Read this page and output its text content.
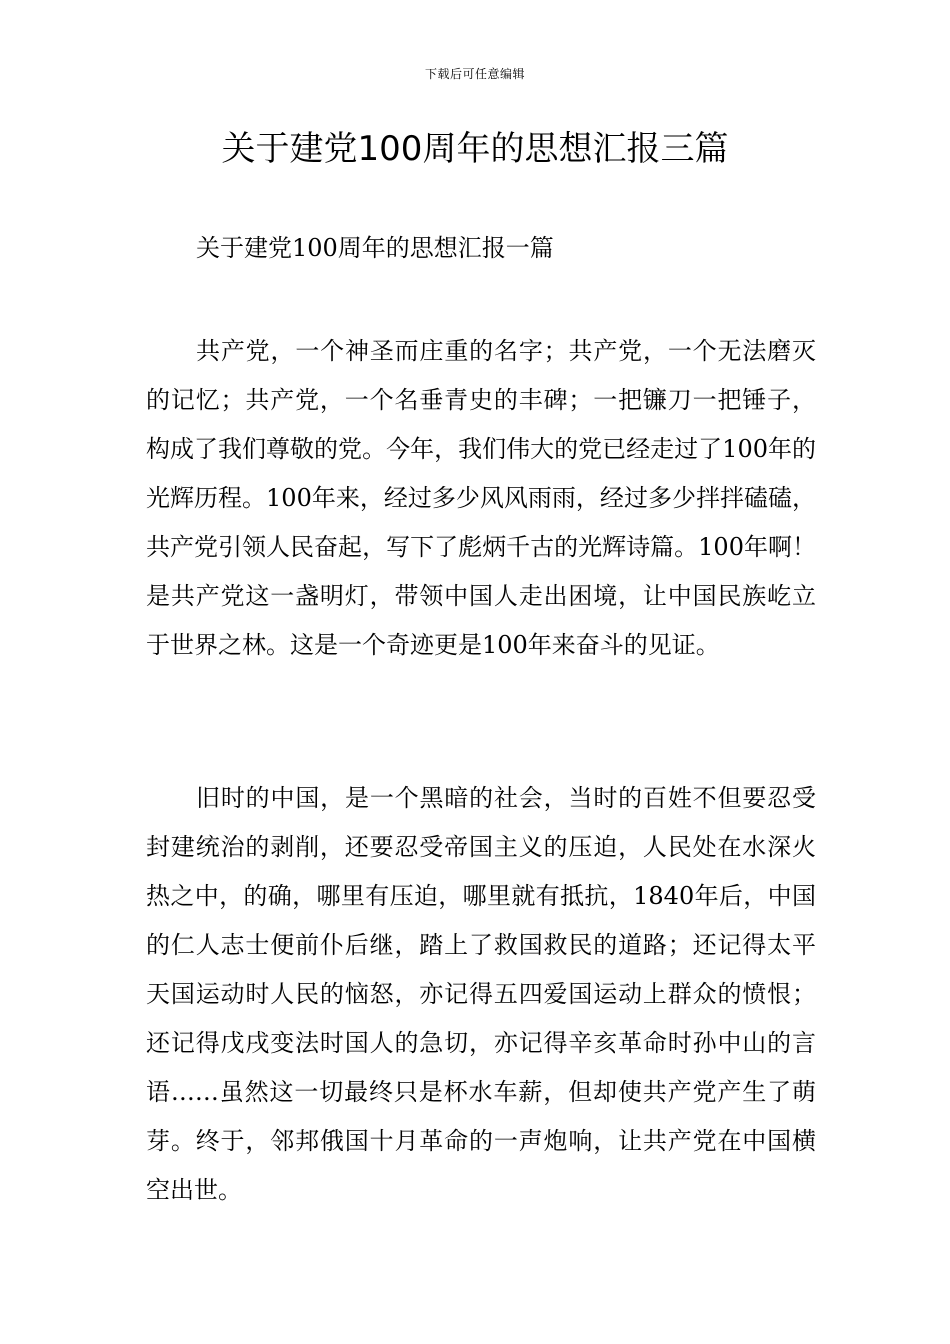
下载后可任意编辑
关于建党100周年的思想汇报三篇
关于建党100周年的思想汇报一篇

共产党，一个神圣而庄重的名字；共产党，一个无法磨灭的记忆；共产党，一个名垂青史的丰碑；一把镰刀一把锤子，构成了我们尊敬的党。今年，我们伟大的党已经走过了100年的光辉历程。100年来，经过多少风风雨雨，经过多少拌拌磕磕，共产党引领人民奋起，写下了彪炳千古的光辉诗篇。100年啊！是共产党这一盏明灯，带领中国人走出困境，让中国民族屹立于世界之林。这是一个奇迹更是100年来奋斗的见证。

旧时的中国，是一个黑暗的社会，当时的百姓不但要忍受封建统治的剥削，还要忍受帝国主义的压迫，人民处在水深火热之中，的确，哪里有压迫，哪里就有抵抗，1840年后，中国的仁人志士便前仆后继，踏上了救国救民的道路；还记得太平天国运动时人民的恼怒，亦记得五四爱国运动上群众的愤恨；还记得戊戌变法时国人的急切，亦记得辛亥革命时孙中山的言语……虽然这一切最终只是杯水车薪，但却使共产党产生了萌芽。终于，邻邦俄国十月革命的一声炮响，让共产党在中国横空出世。
